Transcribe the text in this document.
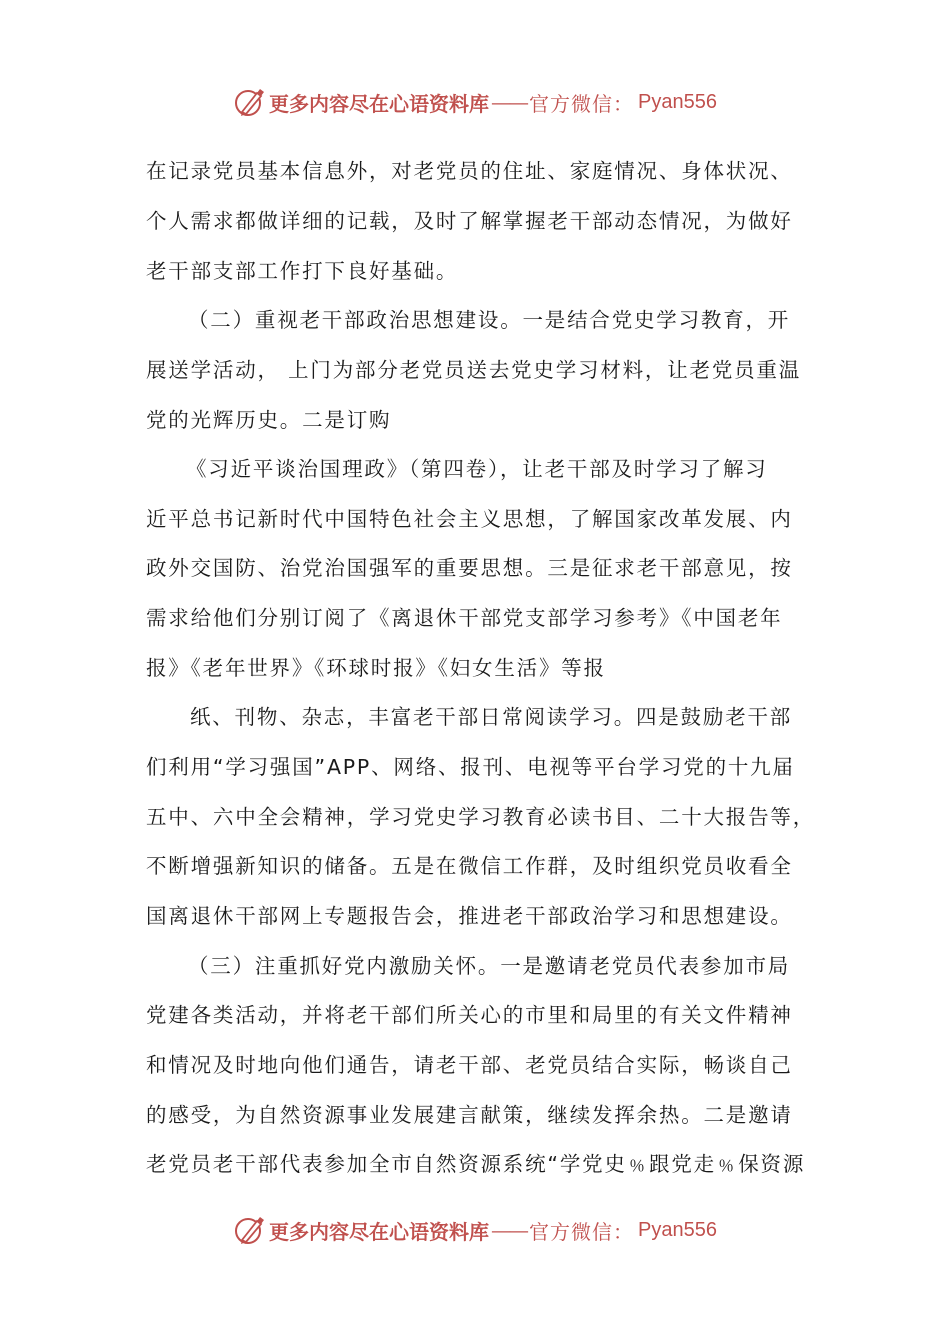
更多内容尽在心语资料库 —— 官方微信： Pyan556
在记录党员基本信息外，对老党员的住址、家庭情况、身体状况、
个人需求都做详细的记载，及时了解掌握老干部动态情况，为做好
老干部支部工作打下良好基础。
（二）重视老干部政治思想建设。一是结合党史学习教育，开
展送学活动， 上门为部分老党员送去党史学习材料，让老党员重温
党的光辉历史。二是订购
《习近平谈治国理政》（第四卷），让老干部及时学习了解习
近平总书记新时代中国特色社会主义思想，了解国家改革发展、内
政外交国防、治党治国强军的重要思想。三是征求老干部意见，按
需求给他们分别订阅了《离退休干部党支部学习参考》《中国老年
报》《老年世界》《环球时报》《妇女生活》等报
纸、刊物、杂志，丰富老干部日常阅读学习。四是鼓励老干部
们利用“学习强国”APP、网络、报刊、电视等平台学习党的十九届
五中、六中全会精神，学习党史学习教育必读书目、二十大报告等，
不断增强新知识的储备。五是在微信工作群，及时组织党员收看全
国离退休干部网上专题报告会，推进老干部政治学习和思想建设。
（三）注重抓好党内激励关怀。一是邀请老党员代表参加市局
党建各类活动，并将老干部们所关心的市里和局里的有关文件精神
和情况及时地向他们通告，请老干部、老党员结合实际，畅谈自己
的感受，为自然资源事业发展建言献策，继续发挥余热。二是邀请
老党员老干部代表参加全市自然资源系统“学党史﹪跟党走﹪保资源
更多内容尽在心语资料库 —— 官方微信： Pyan556
